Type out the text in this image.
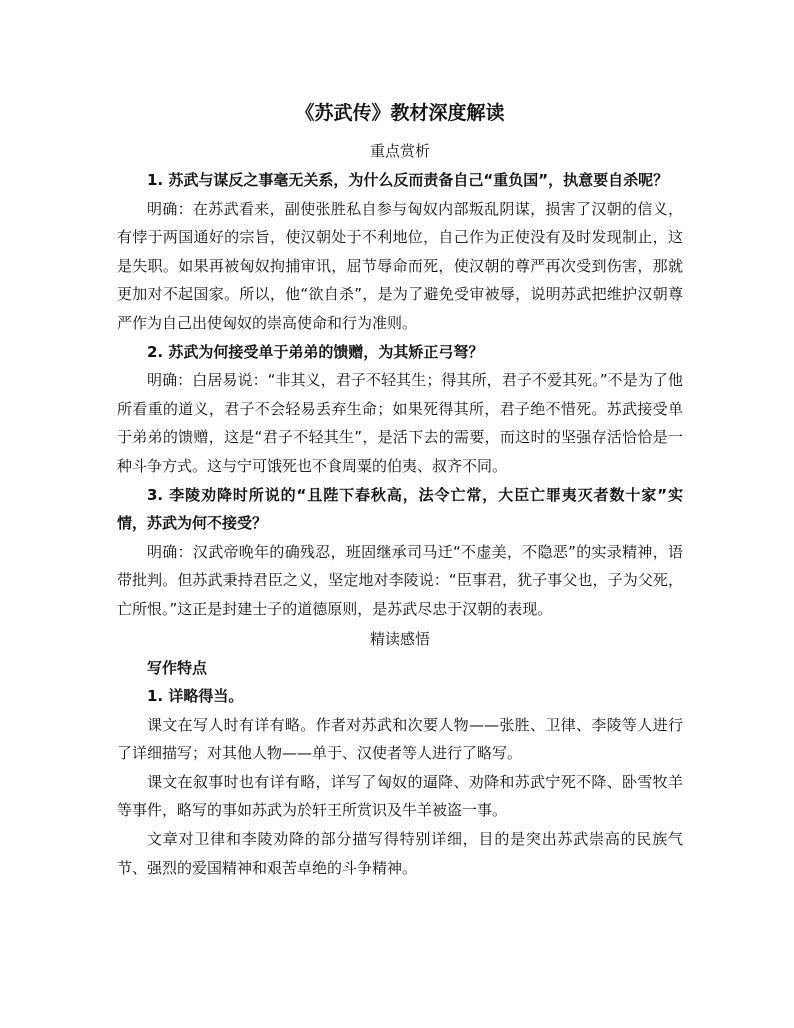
《苏武传》教材深度解读
重点赏析

1. 苏武与谋反之事毫无关系，为什么反而责备自己“重负国”，执意要自杀呢？

明确：在苏武看来，副使张胜私自参与匈奴内部叛乱阴谋，损害了汉朝的信义，有悖于两国通好的宗旨，使汉朝处于不利地位，自己作为正使没有及时发现制止，这是失职。如果再被匈奴拘捕审讯，屈节辱命而死，使汉朝的尊严再次受到伤害，那就更加对不起国家。所以，他“欲自杀”，是为了避免受审被辱，说明苏武把维护汉朝尊严作为自己出使匈奴的崇高使命和行为准则。

2. 苏武为何接受单于弟弟的馈赠，为其矫正弓弩？

明确：白居易说：“非其义，君子不轻其生；得其所，君子不爱其死。”不是为了他所看重的道义，君子不会轻易丢弃生命；如果死得其所，君子绝不惜死。苏武接受单于弟弟的馈赠，这是“君子不轻其生”，是活下去的需要，而这时的坚强存活恰恰是一种斗争方式。这与宁可饿死也不食周粟的伯夷、叔齐不同。

3. 李陵劝降时所说的“且陛下春秋高，法令亡常，大臣亡罪夷灭者数十家”实情，苏武为何不接受？

明确：汉武帝晚年的确残忍，班固继承司马迁“不虚美，不隐恶”的实录精神，语带批判。但苏武秉持君臣之义，坚定地对李陵说：“臣事君，犹子事父也，子为父死，亡所恨。”这正是封建士子的道德原则，是苏武尽忠于汉朝的表现。

精读感悟

写作特点

1. 详略得当。

课文在写人时有详有略。作者对苏武和次要人物——张胜、卫律、李陵等人进行了详细描写；对其他人物——单于、汉使者等人进行了略写。

课文在叙事时也有详有略，详写了匈奴的逼降、劝降和苏武宁死不降、卧雪牧羊等事件，略写的事如苏武为於轩王所赏识及牛羊被盗一事。

文章对卫律和李陵劝降的部分描写得特别详细，目的是突出苏武崇高的民族气节、强烈的爱国精神和艰苦卓绝的斗争精神。
